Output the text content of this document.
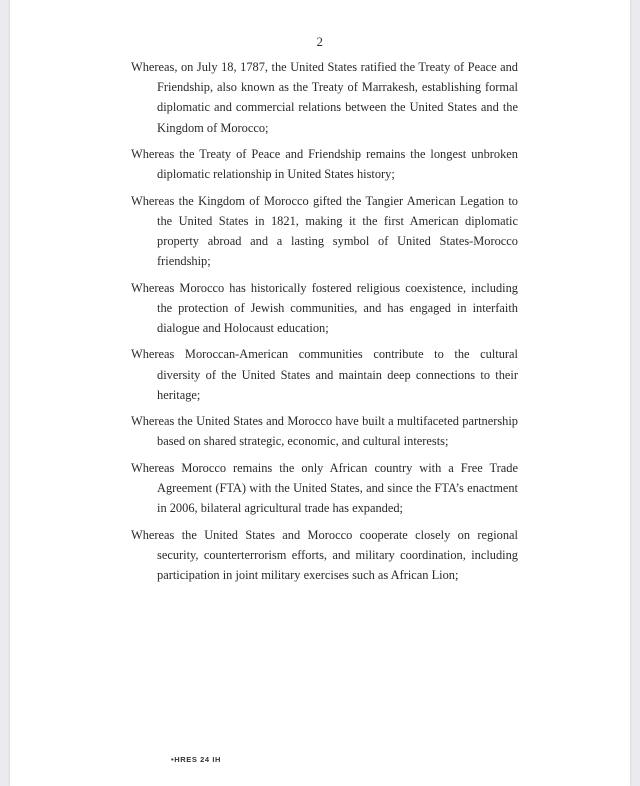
2
Whereas, on July 18, 1787, the United States ratified the Treaty of Peace and Friendship, also known as the Treaty of Marrakesh, establishing formal diplomatic and commercial relations between the United States and the Kingdom of Morocco;
Whereas the Treaty of Peace and Friendship remains the longest unbroken diplomatic relationship in United States history;
Whereas the Kingdom of Morocco gifted the Tangier American Legation to the United States in 1821, making it the first American diplomatic property abroad and a lasting symbol of United States-Morocco friendship;
Whereas Morocco has historically fostered religious coexistence, including the protection of Jewish communities, and has engaged in interfaith dialogue and Holocaust education;
Whereas Moroccan-American communities contribute to the cultural diversity of the United States and maintain deep connections to their heritage;
Whereas the United States and Morocco have built a multifaceted partnership based on shared strategic, economic, and cultural interests;
Whereas Morocco remains the only African country with a Free Trade Agreement (FTA) with the United States, and since the FTA’s enactment in 2006, bilateral agricultural trade has expanded;
Whereas the United States and Morocco cooperate closely on regional security, counterterrorism efforts, and military coordination, including participation in joint military exercises such as African Lion;
•HRES 24 IH
